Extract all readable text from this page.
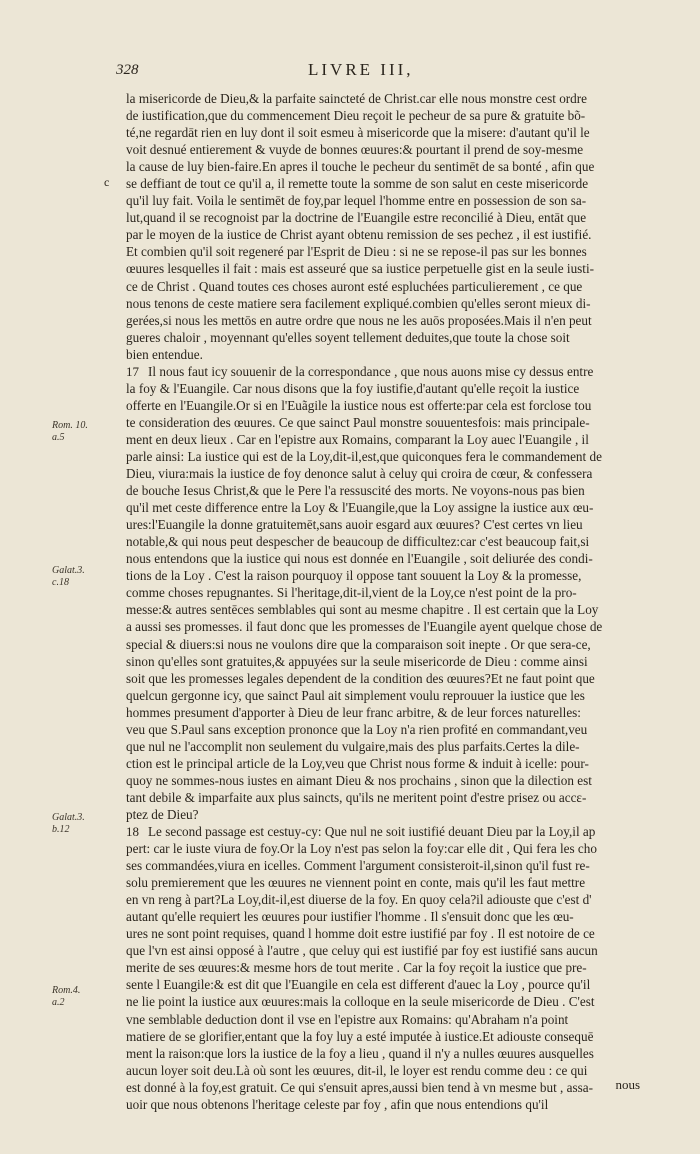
328	LIVRE III,
c
Rom. 10.
a.5
Galat.3.
c.18
Galat.3.
b.12
Rom.4.
a.2
la misericorde de Dieu,& la parfaite saincteté de Christ.car elle nous monstre cest ordre
de iustification,que du commencement Dieu reçoit le pecheur de sa pure & gratuite bõ-
té,ne regardāt rien en luy dont il soit esmeu à misericorde que la misere: d'autant qu'il le
voit desnué entierement & vuyde de bonnes œuures:& pourtant il prend de soy-mesme
la cause de luy bien-faire.En apres il touche le pecheur du sentimēt de sa bonté , afin que
se deffiant de tout ce qu'il a, il remette toute la somme de son salut en ceste misericorde
qu'il luy fait. Voila le sentimēt de foy,par lequel l'homme entre en possession de son sa-
lut,quand il se recognoist par la doctrine de l'Euangile estre reconcilié à Dieu, entāt que
par le moyen de la iustice de Christ ayant obtenu remission de ses pechez , il est iustifié.
Et combien qu'il soit regeneré par l'Esprit de Dieu : si ne se repose-il pas sur les bonnes
œuures lesquelles il fait : mais est asseuré que sa iustice perpetuelle gist en la seule iusti-
ce de Christ . Quand toutes ces choses auront esté espluchées particulierement , ce que
nous tenons de ceste matiere sera facilement expliqué.combien qu'elles seront mieux di-
gerées,si nous les mettōs en autre ordre que nous ne les auōs proposées.Mais il n'en peut
gueres chaloir , moyennant qu'elles soyent tellement deduites,que toute la chose soit
bien entendue.
17 Il nous faut icy souuenir de la correspondance , que nous auons mise cy dessus entre
la foy & l'Euangile. Car nous disons que la foy iustifie,d'autant qu'elle reçoit la iustice
offerte en l'Euangile.Or si en l'Euãgile la iustice nous est offerte:par cela est forclose tou
te consideration des œuures. Ce que sainct Paul monstre souuentesfois: mais principale-
ment en deux lieux . Car en l'epistre aux Romains, comparant la Loy auec l'Euangile , il
parle ainsi: La iustice qui est de la Loy,dit-il,est,que quiconques fera le commandement de
Dieu, viura:mais la iustice de foy denonce salut à celuy qui croira de cœur, & confessera
de bouche Iesus Christ,& que le Pere l'a ressuscité des morts. Ne voyons-nous pas bien
qu'il met ceste difference entre la Loy & l'Euangile,que la Loy assigne la iustice aux œu-
ures:l'Euangile la donne gratuitemēt,sans auoir esgard aux œuures? C'est certes vn lieu
notable,& qui nous peut despescher de beaucoup de difficultez:car c'est beaucoup fait,si
nous entendons que la iustice qui nous est donnée en l'Euangile , soit deliurée des condi-
tions de la Loy . C'est la raison pourquoy il oppose tant souuent la Loy & la promesse,
comme choses repugnantes. Si l'heritage,dit-il,vient de la Loy,ce n'est point de la pro-
messe:& autres sentēces semblables qui sont au mesme chapitre . Il est certain que la Loy
a aussi ses promesses. il faut donc que les promesses de l'Euangile ayent quelque chose de
special & diuers:si nous ne voulons dire que la comparaison soit inepte . Or que sera-ce,
sinon qu'elles sont gratuites,& appuyées sur la seule misericorde de Dieu : comme ainsi
soit que les promesses legales dependent de la condition des œuures?Et ne faut point que
quelcun gergonne icy, que sainct Paul ait simplement voulu reprouuer la iustice que les
hommes presument d'apporter à Dieu de leur franc arbitre, & de leur forces naturelles:
veu que S.Paul sans exception prononce que la Loy n'a rien profité en commandant,veu
que nul ne l'accomplit non seulement du vulgaire,mais des plus parfaits.Certes la dile-
ction est le principal article de la Loy,veu que Christ nous forme & induit à icelle: pour-
quoy ne sommes-nous iustes en aimant Dieu & nos prochains , sinon que la dilection est
tant debile & imparfaite aux plus saincts, qu'ils ne meritent point d'estre prisez ou accε-
ptez de Dieu?
18 Le second passage est cestuy-cy: Que nul ne soit iustifié deuant Dieu par la Loy,il ap
pert: car le iuste viura de foy.Or la Loy n'est pas selon la foy:car elle dit , Qui fera les cho
ses commandées,viura en icelles. Comment l'argument consisteroit-il,sinon qu'il fust re-
solu premierement que les œuures ne viennent point en conte, mais qu'il les faut mettre
en vn reng à part?La Loy,dit-il,est diuerse de la foy. En quoy cela?il adiouste que c'est d'
autant qu'elle requiert les œuures pour iustifier l'homme . Il s'ensuit donc que les œu-
ures ne sont point requises, quand l homme doit estre iustifié par foy . Il est notoire de ce
que l'vn est ainsi opposé à l'autre , que celuy qui est iustifié par foy est iustifié sans aucun
merite de ses œuures:& mesme hors de tout merite . Car la foy reçoit la iustice que pre-
sente l Euangile:& est dit que l'Euangile en cela est different d'auec la Loy , pource qu'il
ne lie point la iustice aux œuures:mais la colloque en la seule misericorde de Dieu . C'est
vne semblable deduction dont il vse en l'epistre aux Romains: qu'Abraham n'a point
matiere de se glorifier,entant que la foy luy a esté imputée à iustice.Et adiouste consequē
ment la raison:que lors la iustice de la foy a lieu , quand il n'y a nulles œuures ausquelles
aucun loyer soit deu.Là où sont les œuures, dit-il, le loyer est rendu comme deu : ce qui
est donné à la foy,est gratuit. Ce qui s'ensuit apres,aussi bien tend à vn mesme but , assa-
uoir que nous obtenons l'heritage celeste par foy , afin que nous entendions qu'il
nous
